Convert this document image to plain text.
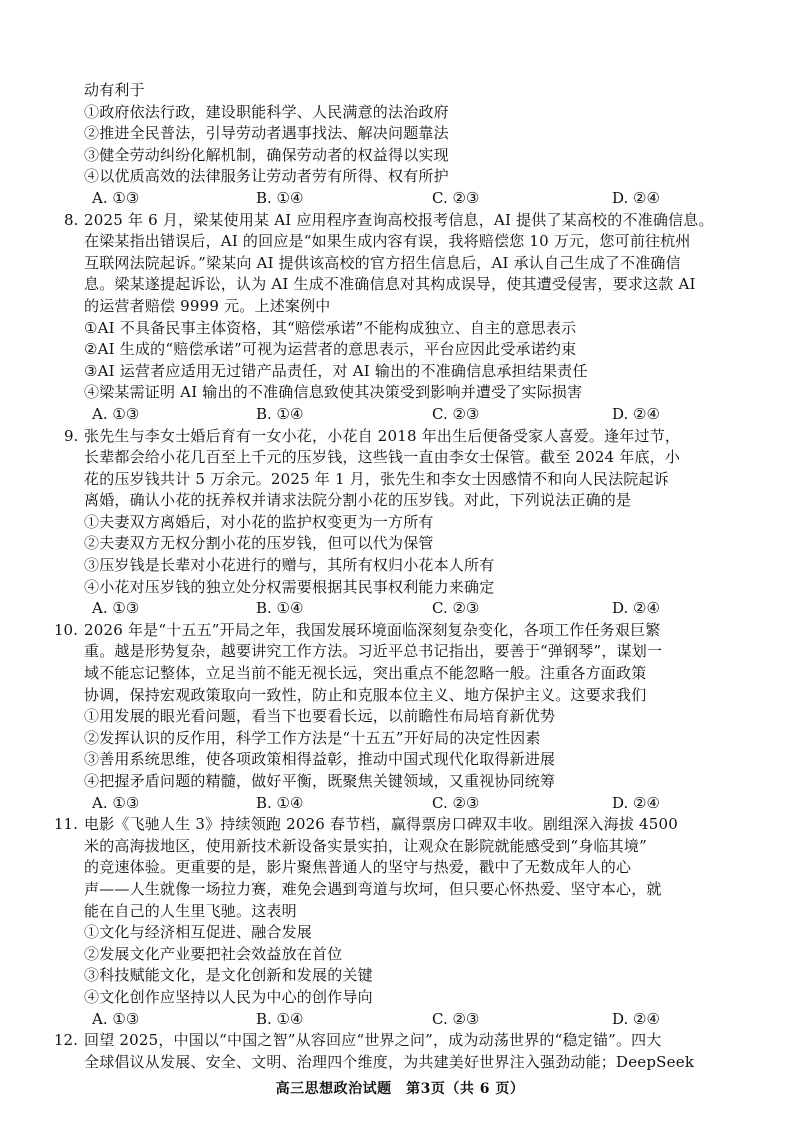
动有利于
①政府依法行政，建设职能科学、人民满意的法治政府
②推进全民普法，引导劳动者遇事找法、解决问题靠法
③健全劳动纠纷化解机制，确保劳动者的权益得以实现
④以优质高效的法律服务让劳动者劳有所得、权有所护
A. ①③	B. ①④	C. ②③	D. ②④
8. 2025 年 6 月，梁某使用某 AI 应用程序查询高校报考信息，AI 提供了某高校的不准确信息。
在梁某指出错误后，AI 的回应是“如果生成内容有误，我将赔偿您 10 万元，您可前往杭州
互联网法院起诉。”梁某向 AI 提供该高校的官方招生信息后，AI 承认自己生成了不准确信
息。梁某遂提起诉讼，认为 AI 生成不准确信息对其构成误导，使其遭受侵害，要求这款 AI
的运营者赔偿 9999 元。上述案例中
①AI 不具备民事主体资格，其“赔偿承诺”不能构成独立、自主的意思表示
②AI 生成的“赔偿承诺”可视为运营者的意思表示，平台应因此受承诺约束
③AI 运营者应适用无过错产品责任，对 AI 输出的不准确信息承担结果责任
④梁某需证明 AI 输出的不准确信息致使其决策受到影响并遭受了实际损害
A. ①③	B. ①④	C. ②③	D. ②④
9. 张先生与李女士婚后育有一女小花，小花自 2018 年出生后便备受家人喜爱。逢年过节，
长辈都会给小花几百至上千元的压岁钱，这些钱一直由李女士保管。截至 2024 年底，小
花的压岁钱共计 5 万余元。2025 年 1 月，张先生和李女士因感情不和向人民法院起诉
离婚，确认小花的抚养权并请求法院分割小花的压岁钱。对此，下列说法正确的是
①夫妻双方离婚后，对小花的监护权变更为一方所有
②夫妻双方无权分割小花的压岁钱，但可以代为保管
③压岁钱是长辈对小花进行的赠与，其所有权归小花本人所有
④小花对压岁钱的独立处分权需要根据其民事权利能力来确定
A. ①③	B. ①④	C. ②③	D. ②④
10. 2026 年是“十五五”开局之年，我国发展环境面临深刻复杂变化，各项工作任务艰巨繁
重。越是形势复杂，越要讲究工作方法。习近平总书记指出，要善于“弹钢琴”，谋划一
域不能忘记整体，立足当前不能无视长远，突出重点不能忽略一般。注重各方面政策
协调，保持宏观政策取向一致性，防止和克服本位主义、地方保护主义。这要求我们
①用发展的眼光看问题，看当下也要看长远，以前瞻性布局培育新优势
②发挥认识的反作用，科学工作方法是“十五五”开好局的决定性因素
③善用系统思维，使各项政策相得益彰，推动中国式现代化取得新进展
④把握矛盾问题的精髓，做好平衡，既聚焦关键领域，又重视协同统筹
A. ①③	B. ①④	C. ②③	D. ②④
11. 电影《飞驰人生 3》持续领跑 2026 春节档，赢得票房口碑双丰收。剧组深入海拔 4500
米的高海拔地区，使用新技术新设备实景实拍，让观众在影院就能感受到“身临其境”
的竞速体验。更重要的是，影片聚焦普通人的坚守与热爱，戳中了无数成年人的心
声——人生就像一场拉力赛，难免会遇到弯道与坎坷，但只要心怀热爱、坚守本心，就
能在自己的人生里飞驰。这表明
①文化与经济相互促进、融合发展
②发展文化产业要把社会效益放在首位
③科技赋能文化，是文化创新和发展的关键
④文化创作应坚持以人民为中心的创作导向
A. ①③	B. ①④	C. ②③	D. ②④
12. 回望 2025，中国以“中国之智”从容回应“世界之问”，成为动荡世界的“稳定锚”。四大
全球倡议从发展、安全、文明、治理四个维度，为共建美好世界注入强劲动能；DeepSeek
高三思想政治试题　第3页（共 6 页）
